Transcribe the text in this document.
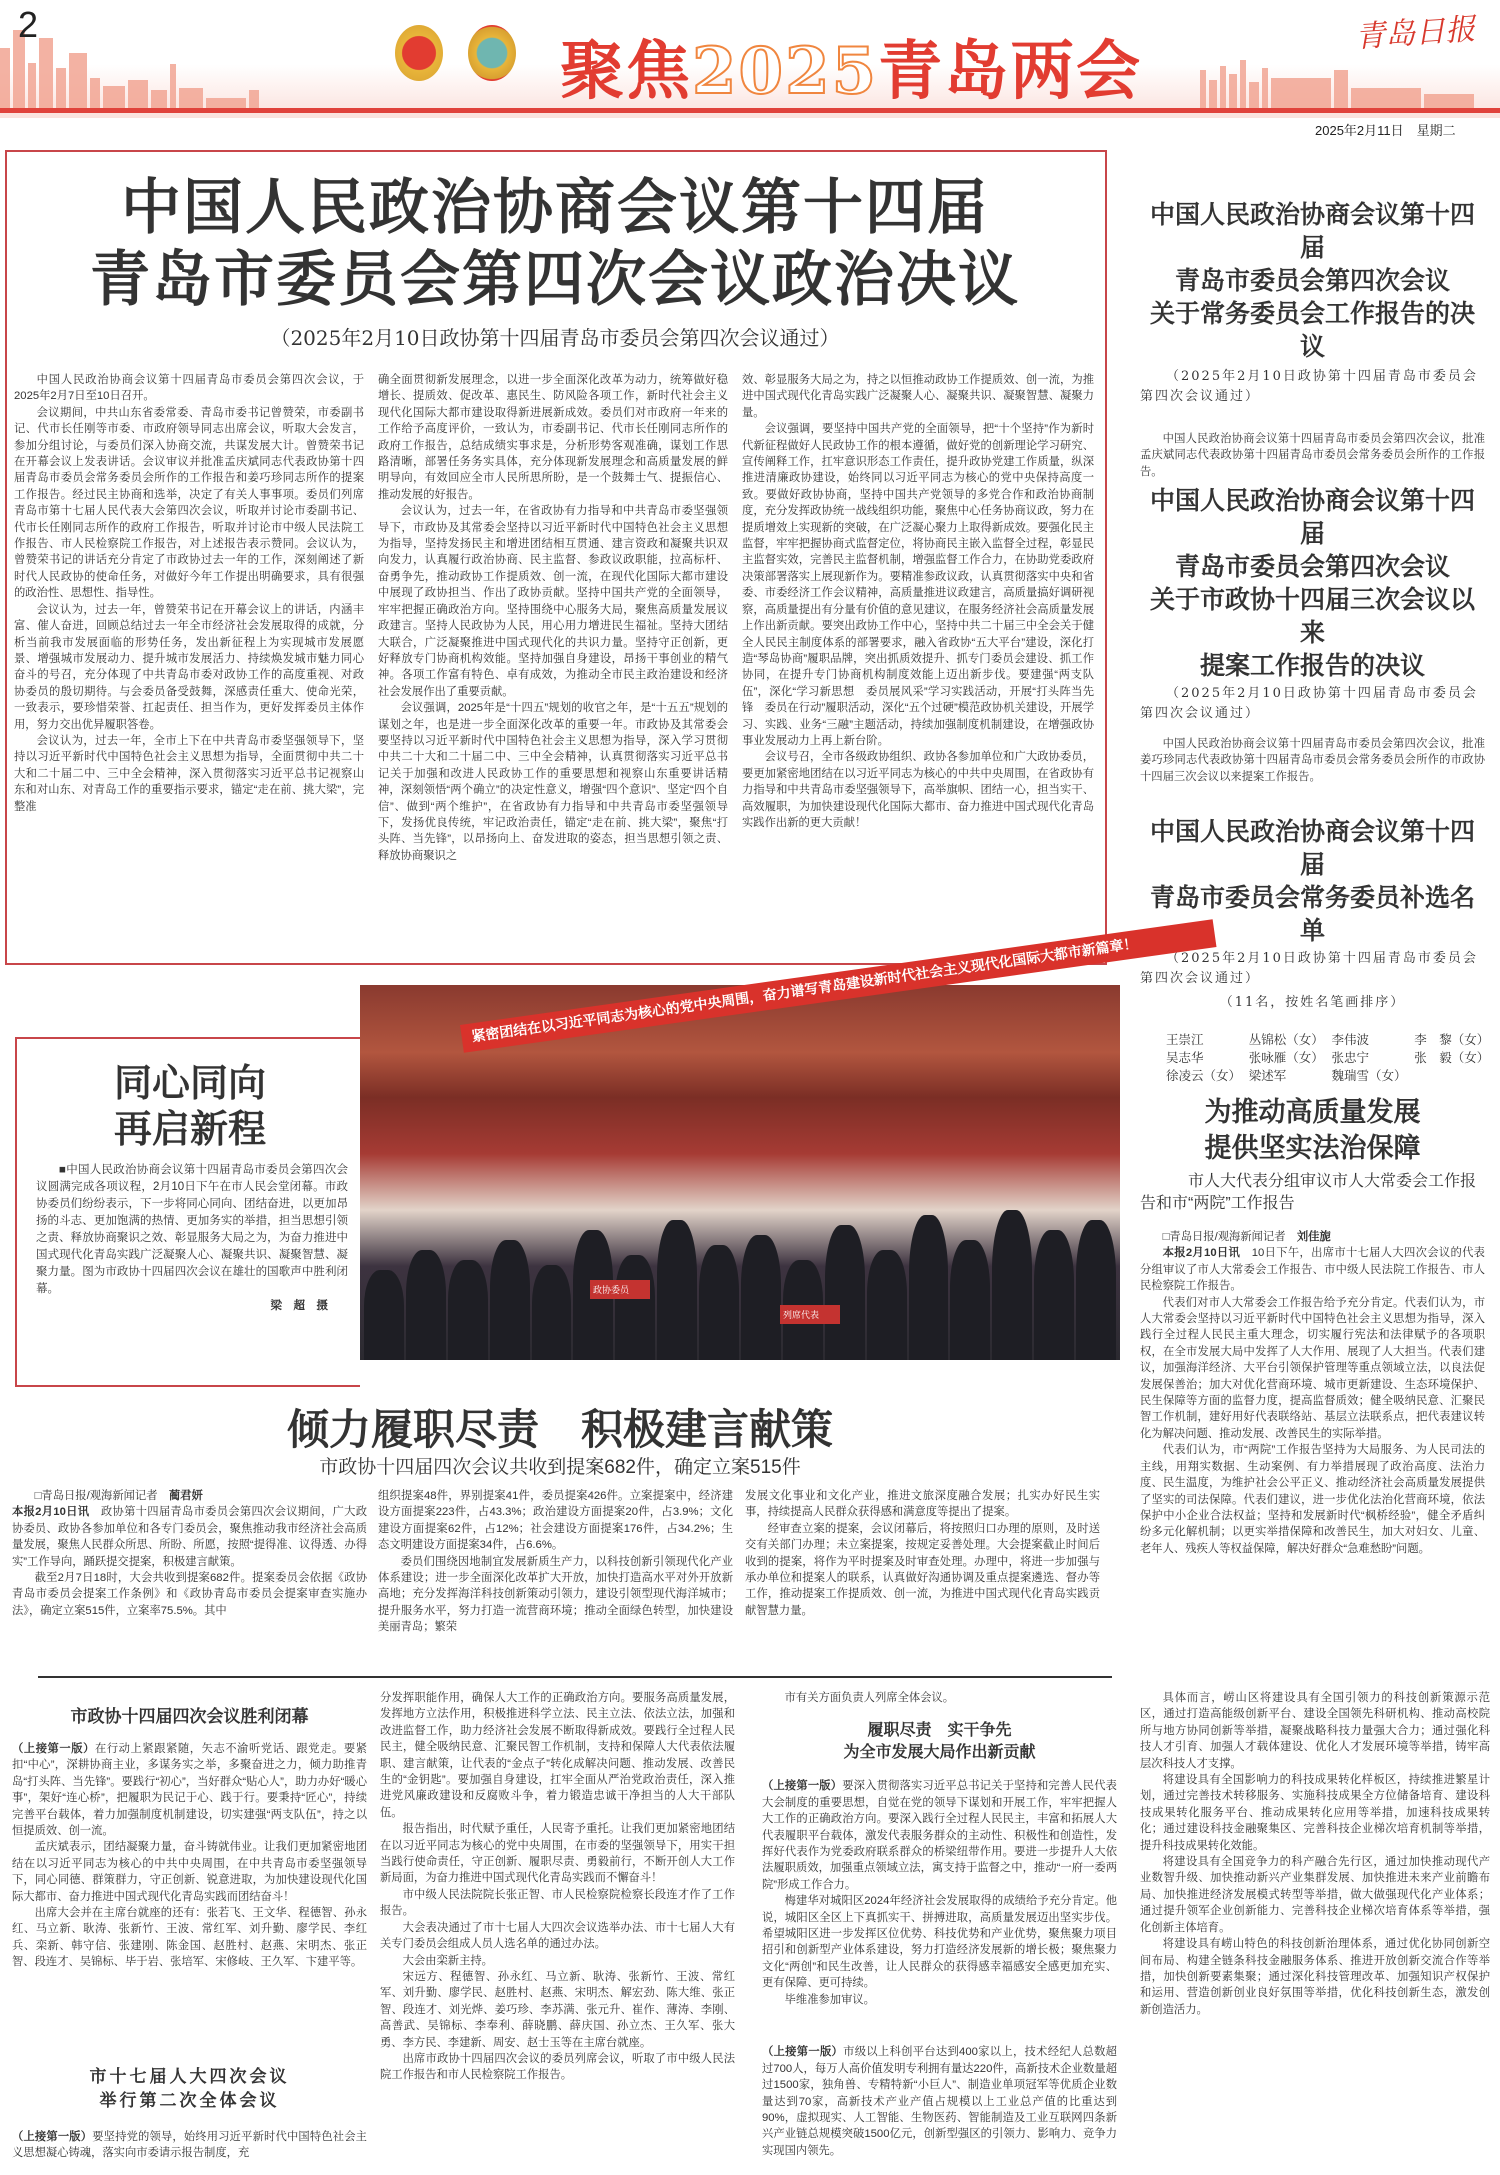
2
聚焦2025青岛两会
青岛日报
2025年2月11日　星期二
中国人民政治协商会议第十四届
青岛市委员会第四次会议政治决议
（2025年2月10日政协第十四届青岛市委员会第四次会议通过）

中国人民政治协商会议第十四届青岛市委员会第四次会议，于2025年2月7日至10日召开。

会议期间，中共山东省委常委、青岛市委书记曾赞荣，市委副书记、代市长任刚等市委、市政府领导同志出席会议，听取大会发言，参加分组讨论，与委员们深入协商交流，共谋发展大计。曾赞荣书记在开幕会议上发表讲话。会议审议并批准孟庆斌同志代表政协第十四届青岛市委员会常务委员会所作的工作报告和姜巧珍同志所作的提案工作报告。经过民主协商和选举，决定了有关人事事项。委员们列席青岛市第十七届人民代表大会第四次会议，听取并讨论市委副书记、代市长任刚同志所作的政府工作报告，听取并讨论市中级人民法院工作报告、市人民检察院工作报告，对上述报告表示赞同。会议认为，曾赞荣书记的讲话充分肯定了市政协过去一年的工作，深刻阐述了新时代人民政协的使命任务，对做好今年工作提出明确要求，具有很强的政治性、思想性、指导性。

会议认为，过去一年，曾赞荣书记在开幕会议上的讲话，内涵丰富、催人奋进，回顾总结过去一年全市经济社会发展取得的成就，分析当前我市发展面临的形势任务，发出新征程上为实现城市发展愿景、增强城市发展动力、提升城市发展活力、持续焕发城市魅力同心奋斗的号召，充分体现了中共青岛市委对政协工作的高度重视、对政协委员的殷切期待。与会委员备受鼓舞，深感责任重大、使命光荣，一致表示，要珍惜荣誉、扛起责任、担当作为，更好发挥委员主体作用，努力交出优异履职答卷。

会议认为，过去一年，全市上下在中共青岛市委坚强领导下，坚持以习近平新时代中国特色社会主义思想为指导，全面贯彻中共二十大和二十届二中、三中全会精神，深入贯彻落实习近平总书记视察山东和对山东、对青岛工作的重要指示要求，锚定“走在前、挑大梁”，完整准

确全面贯彻新发展理念，以进一步全面深化改革为动力，统筹做好稳增长、提质效、促改革、惠民生、防风险各项工作，新时代社会主义现代化国际大都市建设取得新进展新成效。委员们对市政府一年来的工作给予高度评价，一致认为，市委副书记、代市长任刚同志所作的政府工作报告，总结成绩实事求是，分析形势客观准确，谋划工作思路清晰，部署任务务实具体，充分体现新发展理念和高质量发展的鲜明导向，有效回应全市人民所思所盼，是一个鼓舞士气、提振信心、推动发展的好报告。

会议认为，过去一年，在省政协有力指导和中共青岛市委坚强领导下，市政协及其常委会坚持以习近平新时代中国特色社会主义思想为指导，坚持发扬民主和增进团结相互贯通、建言资政和凝聚共识双向发力，认真履行政治协商、民主监督、参政议政职能，拉高标杆、奋勇争先，推动政协工作提质效、创一流，在现代化国际大都市建设中展现了政协担当、作出了政协贡献。坚持中国共产党的全面领导，牢牢把握正确政治方向。坚持围绕中心服务大局，聚焦高质量发展议政建言。坚持人民政协为人民，用心用力增进民生福祉。坚持大团结大联合，广泛凝聚推进中国式现代化的共识力量。坚持守正创新，更好释放专门协商机构效能。坚持加强自身建设，昂扬干事创业的精气神。各项工作富有特色、卓有成效，为推动全市民主政治建设和经济社会发展作出了重要贡献。

会议强调，2025年是“十四五”规划的收官之年，是“十五五”规划的谋划之年，也是进一步全面深化改革的重要一年。市政协及其常委会要坚持以习近平新时代中国特色社会主义思想为指导，深入学习贯彻中共二十大和二十届二中、三中全会精神，认真贯彻落实习近平总书记关于加强和改进人民政协工作的重要思想和视察山东重要讲话精神，深刻领悟“两个确立”的决定性意义，增强“四个意识”、坚定“四个自信”、做到“两个维护”，在省政协有力指导和中共青岛市委坚强领导下，发扬优良传统，牢记政治责任，锚定“走在前、挑大梁”，聚焦“打头阵、当先锋”，以昂扬向上、奋发进取的姿态，担当思想引领之责、释放协商聚识之

效、彰显服务大局之为，持之以恒推动政协工作提质效、创一流，为推进中国式现代化青岛实践广泛凝聚人心、凝聚共识、凝聚智慧、凝聚力量。

会议强调，要坚持中国共产党的全面领导，把“十个坚持”作为新时代新征程做好人民政协工作的根本遵循，做好党的创新理论学习研究、宣传阐释工作，扛牢意识形态工作责任，提升政协党建工作质量，纵深推进清廉政协建设，始终同以习近平同志为核心的党中央保持高度一致。要做好政协协商，坚持中国共产党领导的多党合作和政治协商制度，充分发挥政协统一战线组织功能，聚焦中心任务协商议政，努力在提质增效上实现新的突破，在广泛凝心聚力上取得新成效。要强化民主监督，牢牢把握协商式监督定位，将协商民主嵌入监督全过程，彰显民主监督实效，完善民主监督机制，增强监督工作合力，在协助党委政府决策部署落实上展现新作为。要精准参政议政，认真贯彻落实中央和省委、市委经济工作会议精神，高质量推进议政建言，高质量搞好调研视察，高质量提出有分量有价值的意见建议，在服务经济社会高质量发展上作出新贡献。要突出政协工作中心，坚持中共二十届三中全会关于健全人民民主制度体系的部署要求，融入省政协“五大平台”建设，深化打造“琴岛协商”履职品牌，突出抓质效提升、抓专门委员会建设、抓工作协同，在提升专门协商机构制度效能上迈出新步伐。要建强“两支队伍”，深化“学习新思想　委员展风采”学习实践活动，开展“打头阵当先锋　委员在行动”履职活动，深化“五个过硬”模范政协机关建设，开展学习、实践、业务“三融”主题活动，持续加强制度机制建设，在增强政协事业发展动力上再上新台阶。

会议号召，全市各级政协组织、政协各参加单位和广大政协委员，要更加紧密地团结在以习近平同志为核心的中共中央周围，在省政协有力指导和中共青岛市委坚强领导下，高举旗帜、团结一心，担当实干、高效履职，为加快建设现代化国际大都市、奋力推进中国式现代化青岛实践作出新的更大贡献！

中国人民政治协商会议第十四届
青岛市委员会第四次会议
关于常务委员会工作报告的决议
（2025年2月10日政协第十四届青岛市委员会第四次会议通过）

中国人民政治协商会议第十四届青岛市委员会第四次会议，批准孟庆斌同志代表政协第十四届青岛市委员会常务委员会所作的工作报告。

中国人民政治协商会议第十四届
青岛市委员会第四次会议
关于市政协十四届三次会议以来
提案工作报告的决议
（2025年2月10日政协第十四届青岛市委员会第四次会议通过）

中国人民政治协商会议第十四届青岛市委员会第四次会议，批准姜巧珍同志代表政协第十四届青岛市委员会常务委员会所作的市政协十四届三次会议以来提案工作报告。

中国人民政治协商会议第十四届
青岛市委员会常务委员补选名单
（2025年2月10日政协第十四届青岛市委员会第四次会议通过）
（11名，按姓名笔画排序）
王崇江	丛锦松（女） 李伟波	李　黎（女）
吴志华	张咏雁（女） 张忠宁	张　毅（女）
徐凌云（女） 梁述军	魏瑞雪（女）
为推动高质量发展
提供坚实法治保障
市人大代表分组审议市人大常委会工作报告和市“两院”工作报告

□青岛日报/观海新闻记者　 刘佳旎

本报2月10日讯　 10日下午，出席市十七届人大四次会议的代表分组审议了市人大常委会工作报告、市中级人民法院工作报告、市人民检察院工作报告。

代表们对市人大常委会工作报告给予充分肯定。代表们认为，市人大常委会坚持以习近平新时代中国特色社会主义思想为指导，深入践行全过程人民民主重大理念，切实履行宪法和法律赋予的各项职权，在全市发展大局中发挥了人大作用、展现了人大担当。代表们建议，加强海洋经济、大平台引领保护管理等重点领域立法，以良法促发展保善治；加大对优化营商环境、城市更新建设、生态环境保护、民生保障等方面的监督力度，提高监督质效；健全吸纳民意、汇聚民智工作机制，建好用好代表联络站、基层立法联系点，把代表建议转化为解决问题、推动发展、改善民生的实际举措。

代表们认为，市“两院”工作报告坚持为大局服务、为人民司法的主线，用翔实数据、生动案例、有力举措展现了政治高度、法治力度、民生温度，为维护社会公平正义、推动经济社会高质量发展提供了坚实的司法保障。代表们建议，进一步优化法治化营商环境，依法保护中小企业合法权益；坚持和发展新时代“枫桥经验”，健全矛盾纠纷多元化解机制；以更实举措保障和改善民生，加大对妇女、儿童、老年人、残疾人等权益保障，解决好群众“急难愁盼”问题。

同心同向
再启新程

■中国人民政治协商会议第十四届青岛市委员会第四次会议圆满完成各项议程，2月10日下午在市人民会堂闭幕。市政协委员们纷纷表示，下一步将同心同向、团结奋进，以更加昂扬的斗志、更加饱满的热情、更加务实的举措，担当思想引领之责、释放协商聚识之效、彰显服务大局之为，为奋力推进中国式现代化青岛实践广泛凝聚人心、凝聚共识、凝聚智慧、凝聚力量。图为市政协十四届四次会议在雄壮的国歌声中胜利闭幕。

梁　超　摄
紧密团结在以习近平同志为核心的党中央周围，奋力谱写青岛建设新时代社会主义现代化国际大都市新篇章！
政协委员
列席代表
倾力履职尽责　积极建言献策
市政协十四届四次会议共收到提案682件，确定立案515件

□青岛日报/观海新闻记者　 蔺君妍

本报2月10日讯　 政协第十四届青岛市委员会第四次会议期间，广大政协委员、政协各参加单位和各专门委员会，聚焦推动我市经济社会高质量发展，聚焦人民群众所思、所盼、所愿，按照“提得准、议得透、办得实”工作导向，踊跃提交提案，积极建言献策。

截至2月7日18时，大会共收到提案682件。提案委员会依据《政协青岛市委员会提案工作条例》和《政协青岛市委员会提案审查实施办法》，确定立案515件，立案率75.5%。其中

组织提案48件，界别提案41件，委员提案426件。立案提案中，经济建设方面提案223件，占43.3%；政治建设方面提案20件，占3.9%；文化建设方面提案62件，占12%；社会建设方面提案176件，占34.2%；生态文明建设方面提案34件，占6.6%。

委员们围绕因地制宜发展新质生产力，以科技创新引领现代化产业体系建设；进一步全面深化改革扩大开放，加快打造高水平对外开放新高地；充分发挥海洋科技创新策动引领力，建设引领型现代海洋城市；提升服务水平，努力打造一流营商环境；推动全面绿色转型，加快建设美丽青岛；繁荣

发展文化事业和文化产业，推进文旅深度融合发展；扎实办好民生实事，持续提高人民群众获得感和满意度等提出了提案。

经审查立案的提案，会议闭幕后，将按照归口办理的原则，及时送交有关部门办理；未立案提案，按规定妥善处理。大会提案截止时间后收到的提案，将作为平时提案及时审查处理。办理中，将进一步加强与承办单位和提案人的联系，认真做好沟通协调及重点提案遴选、督办等工作，推动提案工作提质效、创一流，为推进中国式现代化青岛实践贡献智慧力量。

市政协十四届四次会议胜利闭幕

（上接第一版）在行动上紧跟紧随，矢志不渝听党话、跟党走。要紧扣“中心”，深耕协商主业，多谋务实之举，多聚奋进之力，倾力助推青岛“打头阵、当先锋”。要践行“初心”，当好群众“贴心人”，助力办好“暖心事”，架好“连心桥”，把履职为民记于心、践于行。要秉持“匠心”，持续完善平台载体，着力加强制度机制建设，切实建强“两支队伍”，持之以恒提质效、创一流。

孟庆斌表示，团结凝聚力量，奋斗铸就伟业。让我们更加紧密地团结在以习近平同志为核心的中共中央周围，在中共青岛市委坚强领导下，同心同德、群策群力，守正创新、锐意进取，为加快建设现代化国际大都市、奋力推进中国式现代化青岛实践而团结奋斗！

出席大会并在主席台就座的还有：张若飞、王文华、程德智、孙永红、马立新、耿涛、张新竹、王波、常红军、刘升勤、廖学民、李红兵、栾新、韩守信、张建刚、陈金国、赵胜村、赵燕、宋明杰、张正智、段连才、吴锦标、毕于岩、张培军、宋修岐、王久军、卞建平等。

市十七届人大四次会议
举行第二次全体会议

（上接第一版）要坚持党的领导，始终用习近平新时代中国特色社会主义思想凝心铸魂，落实向市委请示报告制度，充

分发挥职能作用，确保人大工作的正确政治方向。要服务高质量发展，发挥地方立法作用，积极推进科学立法、民主立法、依法立法，加强和改进监督工作，助力经济社会发展不断取得新成效。要践行全过程人民民主，健全吸纳民意、汇聚民智工作机制，支持和保障人大代表依法履职、建言献策，让代表的“金点子”转化成解决问题、推动发展、改善民生的“金钥匙”。要加强自身建设，扛牢全面从严治党政治责任，深入推进党风廉政建设和反腐败斗争，着力锻造忠诚干净担当的人大干部队伍。

报告指出，时代赋予重任，人民寄予重托。让我们更加紧密地团结在以习近平同志为核心的党中央周围，在市委的坚强领导下，用实干担当践行使命责任，守正创新、履职尽责、勇毅前行，不断开创人大工作新局面，为奋力推进中国式现代化青岛实践而不懈奋斗！

市中级人民法院院长张正智、市人民检察院检察长段连才作了工作报告。

大会表决通过了市十七届人大四次会议选举办法、市十七届人大有关专门委员会组成人员人选名单的通过办法。

大会由栾新主持。

宋远方、程德智、孙永红、马立新、耿涛、张新竹、王波、常红军、刘升勤、廖学民、赵胜村、赵燕、宋明杰、解宏劲、陈大维、张正智、段连才、刘光烨、姜巧珍、李苏满、张元升、崔作、薄涛、李刚、高善武、吴锦标、李奉利、薛晓鹏、薛庆国、孙立杰、王久军、张大勇、李方民、李建新、周安、赵士玉等在主席台就座。

出席市政协十四届四次会议的委员列席会议，听取了市中级人民法院工作报告和市人民检察院工作报告。

市有关方面负责人列席全体会议。

履职尽责　实干争先
为全市发展大局作出新贡献

（上接第一版）要深入贯彻落实习近平总书记关于坚持和完善人民代表大会制度的重要思想，自觉在党的领导下谋划和开展工作，牢牢把握人大工作的正确政治方向。要深入践行全过程人民民主，丰富和拓展人大代表履职平台载体，激发代表服务群众的主动性、积极性和创造性，发挥好代表作为党委政府联系群众的桥梁纽带作用。要进一步提升人大依法履职质效，加强重点领域立法，寓支持于监督之中，推动“一府一委两院”形成工作合力。

梅建华对城阳区2024年经济社会发展取得的成绩给予充分肯定。他说，城阳区全区上下真抓实干、拼搏进取，高质量发展迈出坚实步伐。希望城阳区进一步发挥区位优势、科技优势和产业优势，聚焦聚力项目招引和创新型产业体系建设，努力打造经济发展新的增长极；聚焦聚力文化“两创”和民生改善，让人民群众的获得感幸福感安全感更加充实、更有保障、更可持续。

毕维准参加审议。

（上接第一版）市级以上科创平台达到400家以上，技术经纪人总数超过700人，每万人高价值发明专利拥有量达220件，高新技术企业数量超过1500家，独角兽、专精特新“小巨人”、制造业单项冠军等优质企业数量达到70家，高新技术产业产值占规模以上工业总产值的比重达到90%，虚拟现实、人工智能、生物医药、智能制造及工业互联网四条新兴产业链总规模突破1500亿元，创新型强区的引领力、影响力、竞争力实现国内领先。

具体而言，崂山区将建设具有全国引领力的科技创新策源示范区，通过打造高能级创新平台、建设全国领先科研机构、推动高校院所与地方协同创新等举措，凝聚战略科技力量强大合力；通过强化科技人才引育、加强人才载体建设、优化人才发展环境等举措，铸牢高层次科技人才支撑。

将建设具有全国影响力的科技成果转化样板区，持续推进繁星计划，通过完善技术转移服务、实施科技成果全方位储备培育、建设科技成果转化服务平台、推动成果转化应用等举措，加速科技成果转化；通过建设科技金融聚集区、完善科技企业梯次培育机制等举措，提升科技成果转化效能。

将建设具有全国竞争力的科产融合先行区，通过加快推动现代产业数智升级、加快推动新兴产业集群发展、加快推进未来产业前瞻布局、加快推进经济发展模式转型等举措，做大做强现代化产业体系；通过提升领军企业创新能力、完善科技企业梯次培育体系等举措，强化创新主体培育。

将建设具有崂山特色的科技创新治理体系，通过优化协同创新空间布局、构建全链条科技金融服务体系、推进开放创新交流合作等举措，加快创新要素集聚；通过深化科技管理改革、加强知识产权保护和运用、营造创新创业良好氛围等举措，优化科技创新生态，激发创新创造活力。
